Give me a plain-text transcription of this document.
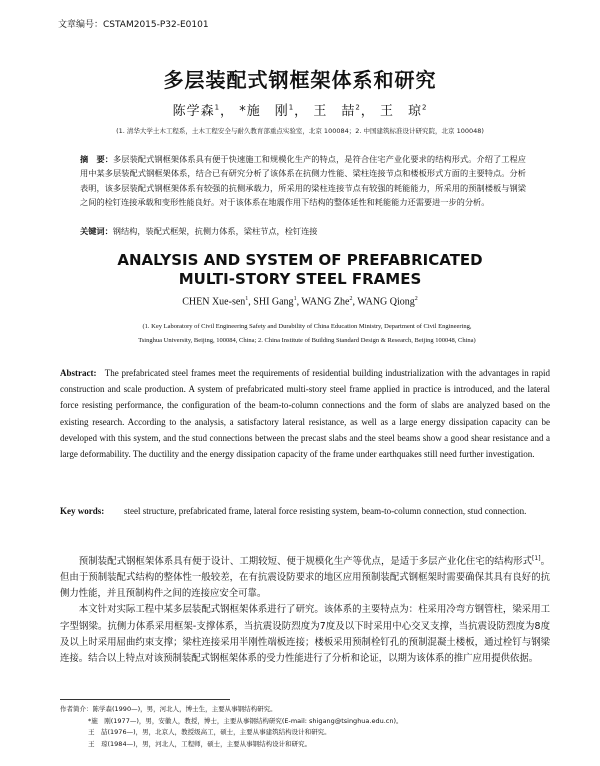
文章编号：CSTAM2015-P32-E0101
多层装配式钢框架体系和研究
陈学森$^1$， *施　刚$^1$， 王　喆$^2$， 王　琼$^2$
(1. 清华大学土木工程系，土木工程安全与耐久教育部重点实验室，北京 100084；2. 中国建筑标准设计研究院，北京 100048)
摘　要：多层装配式钢框架体系具有便于快速施工和规模化生产的特点，是符合住宅产业化要求的结构形式。介绍了工程应用中某多层装配式钢框架体系，结合已有研究分析了该体系在抗侧力性能、梁柱连接节点和楼板形式方面的主要特点。分析表明，该多层装配式钢框架体系有较强的抗侧承载力，所采用的梁柱连接节点有较强的耗能能力，所采用的预制楼板与钢梁之间的栓钉连接承载和变形性能良好。对于该体系在地震作用下结构的整体延性和耗能能力还需要进一步的分析。
关键词：钢结构，装配式框架，抗侧力体系，梁柱节点，栓钉连接
ANALYSIS AND SYSTEM OF PREFABRICATED
MULTI-STORY STEEL FRAMES
CHEN Xue-sen$^1$, SHI Gang$^1$, WANG Zhe$^2$, WANG Qiong$^2$
(1. Key Laboratory of Civil Engineering Safety and Durability of China Education Ministry, Department of Civil Engineering,
Tsinghua University, Beijing, 100084, China; 2. China Institute of Building Standard Design & Research, Beijing 100048, China)
Abstract: The prefabricated steel frames meet the requirements of residential building industrialization with the advantages in rapid construction and scale production. A system of prefabricated multi-story steel frame applied in practice is introduced, and the lateral force resisting performance, the configuration of the beam-to-column connections and the form of slabs are analyzed based on the existing research. According to the analysis, a satisfactory lateral resistance, as well as a large energy dissipation capacity can be developed with this system, and the stud connections between the precast slabs and the steel beams show a good shear resistance and a large deformability. The ductility and the energy dissipation capacity of the frame under earthquakes still need further investigation.
Key words: steel structure, prefabricated frame, lateral force resisting system, beam-to-column connection, stud connection.

预制装配式钢框架体系具有便于设计、工期较短、便于规模化生产等优点，是适于多层产业化住宅的结构形式[1]。但由于预制装配式结构的整体性一般较差，在有抗震设防要求的地区应用预制装配式钢框架时需要确保其具有良好的抗侧力性能，并且预制构件之间的连接应安全可靠。

本文针对实际工程中某多层装配式钢框架体系进行了研究。该体系的主要特点为：柱采用冷弯方钢管柱，梁采用工字型钢梁。抗侧力体系采用框架-支撑体系，当抗震设防烈度为7度及以下时采用中心交叉支撑，当抗震设防烈度为8度及以上时采用屈曲约束支撑；梁柱连接采用半刚性端板连接；楼板采用预制栓钉孔的预制混凝土楼板，通过栓钉与钢梁连接。结合以上特点对该预制装配式钢框架体系的受力性能进行了分析和论证，以期为该体系的推广应用提供依据。

作者简介：陈学森(1990—)，男，河北人，博士生，主要从事钢结构研究。
*施　刚(1977—)，男，安徽人，教授，博士，主要从事钢结构研究(E-mail: shigang@tsinghua.edu.cn)。
王　喆(1976—)，男，北京人，教授级高工，硕士，主要从事建筑结构设计和研究。
王　琼(1984—)，男，河北人，工程师，硕士，主要从事钢结构设计和研究。
